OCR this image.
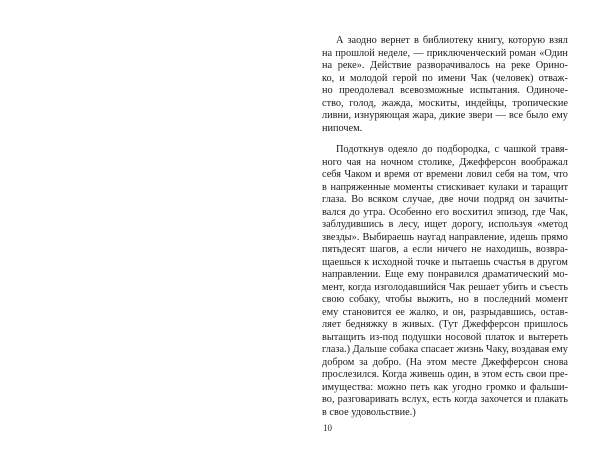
А заодно вернет в библиотеку книгу, которую взял
на прошлой неделе, — приключенческий роман «Один
на реке». Действие разворачивалось на реке Орино-
ко, и молодой герой по имени Чак (человек) отваж-
но преодолевал всевозможные испытания. Одиноче-
ство, голод, жажда, москиты, индейцы, тропические
ливни, изнуряющая жара, дикие звери — все было ему
нипочем.
Подоткнув одеяло до подбородка, с чашкой травя-
ного чая на ночном столике, Джефферсон воображал
себя Чаком и время от времени ловил себя на том, что
в напряженные моменты стискивает кулаки и таращит
глаза. Во всяком случае, две ночи подряд он зачиты-
вался до утра. Особенно его восхитил эпизод, где Чак,
заблудившись в лесу, ищет дорогу, используя «метод
звезды». Выбираешь наугад направление, идешь прямо
пятьдесят шагов, а если ничего не находишь, возвра-
щаешься к исходной точке и пытаешь счастья в другом
направлении. Еще ему понравился драматический мо-
мент, когда изголодавшийся Чак решает убить и съесть
свою собаку, чтобы выжить, но в последний момент
ему становится ее жалко, и он, разрыдавшись, остав-
ляет бедняжку в живых. (Тут Джефферсон пришлось
вытащить из-под подушки носовой платок и вытереть
глаза.) Дальше собака спасает жизнь Чаку, воздавая ему
добром за добро. (На этом месте Джефферсон снова
прослезился. Когда живешь один, в этом есть свои пре-
имущества: можно петь как угодно громко и фальши-
во, разговаривать вслух, есть когда захочется и плакать
в свое удовольствие.)
10
